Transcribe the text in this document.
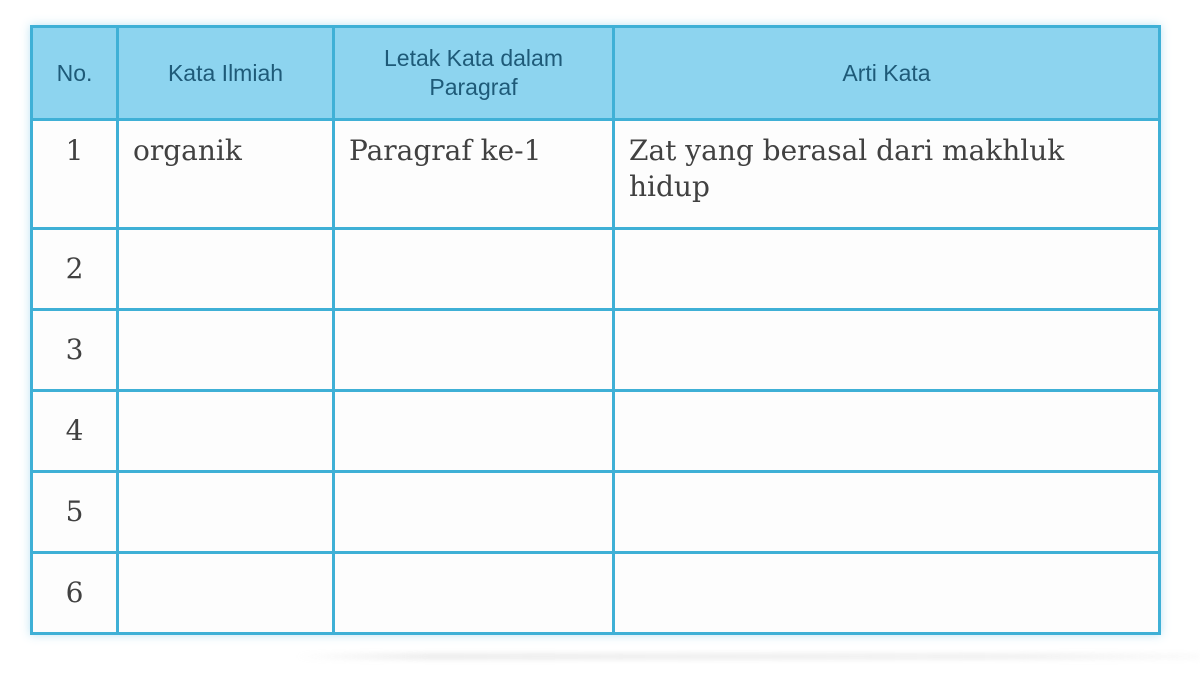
No.	Kata Ilmiah	Letak Kata dalam Paragraf	Arti Kata
1	organik	Paragraf ke-1	Zat yang berasal dari makhluk hidup

2			
3			
4			
5			
6			
